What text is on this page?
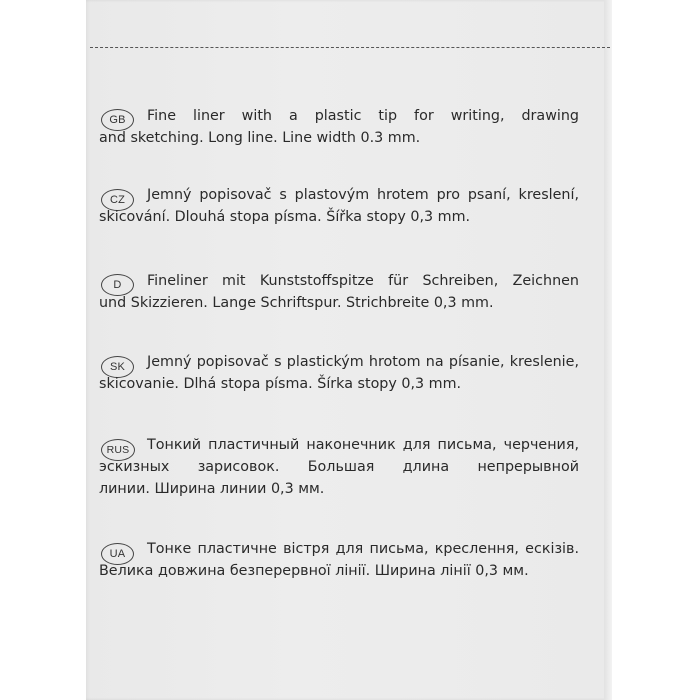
GB	Fine liner with a plastic tip for writing, drawing
and sketching. Long line. Line width 0.3 mm.
CZ	Jemný popisovač s plastovým hrotem pro psaní, kreslení,
skicování. Dlouhá stopa písma. Šířka stopy 0,3 mm.
D	Fineliner mit Kunststoffspitze für Schreiben, Zeichnen
und Skizzieren. Lange Schriftspur. Strichbreite 0,3 mm.
SK	Jemný popisovač s plastickým hrotom na písanie, kreslenie,
skicovanie. Dlhá stopa písma. Šírka stopy 0,3 mm.
RUS	Тонкий пластичный наконечник для письма, черчения,
эскизных зарисовок. Большая длина непрерывной
линии. Ширина линии 0,3 мм.
UA	Тонке пластичне вістря для письма, креслення, ескізів.
Велика довжина безперервної лінії. Ширина лінії 0,3 мм.
